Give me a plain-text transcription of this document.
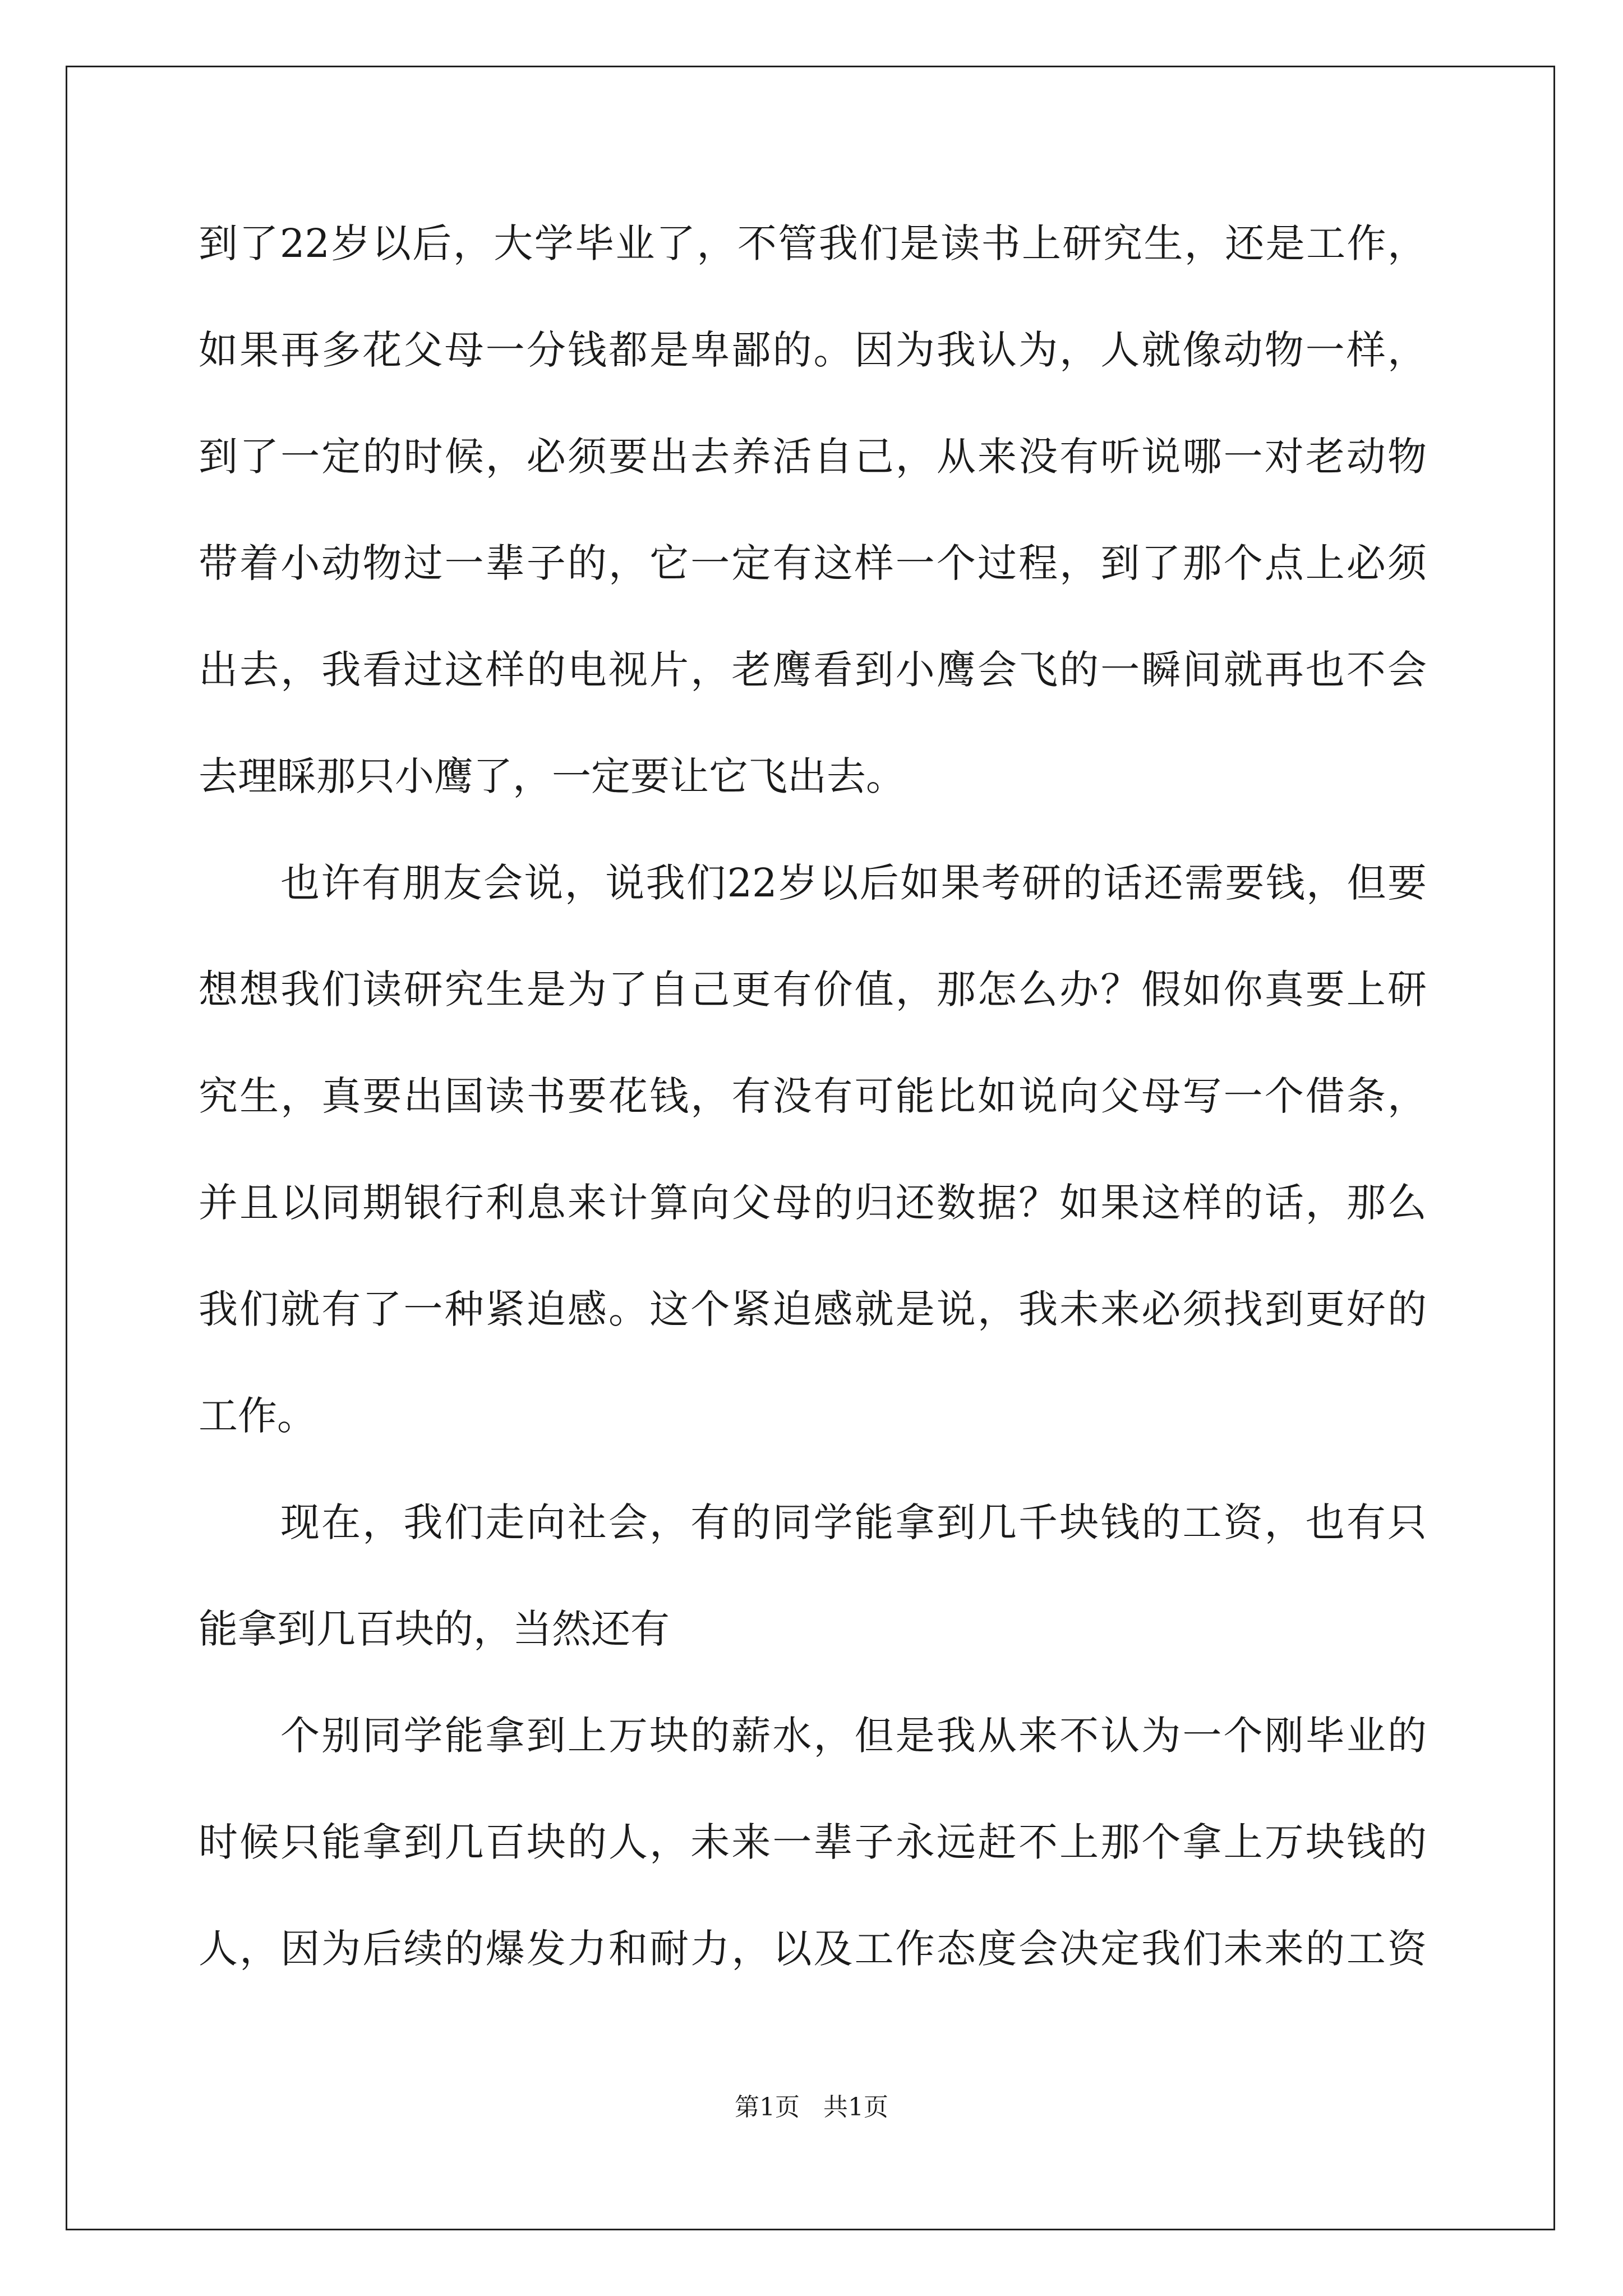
到了22岁以后，大学毕业了，不管我们是读书上研究生，还是工作，
如果再多花父母一分钱都是卑鄙的。因为我认为，人就像动物一样，
到了一定的时候，必须要出去养活自己，从来没有听说哪一对老动物
带着小动物过一辈子的，它一定有这样一个过程，到了那个点上必须
出去，我看过这样的电视片，老鹰看到小鹰会飞的一瞬间就再也不会
去理睬那只小鹰了，一定要让它飞出去。
也许有朋友会说，说我们22岁以后如果考研的话还需要钱，但要
想想我们读研究生是为了自己更有价值，那怎么办？假如你真要上研
究生，真要出国读书要花钱，有没有可能比如说向父母写一个借条，
并且以同期银行利息来计算向父母的归还数据？如果这样的话，那么
我们就有了一种紧迫感。这个紧迫感就是说，我未来必须找到更好的
工作。
现在，我们走向社会，有的同学能拿到几千块钱的工资，也有只
能拿到几百块的，当然还有
个别同学能拿到上万块的薪水，但是我从来不认为一个刚毕业的
时候只能拿到几百块的人，未来一辈子永远赶不上那个拿上万块钱的
人，因为后续的爆发力和耐力，以及工作态度会决定我们未来的工资
第1页   共1页
